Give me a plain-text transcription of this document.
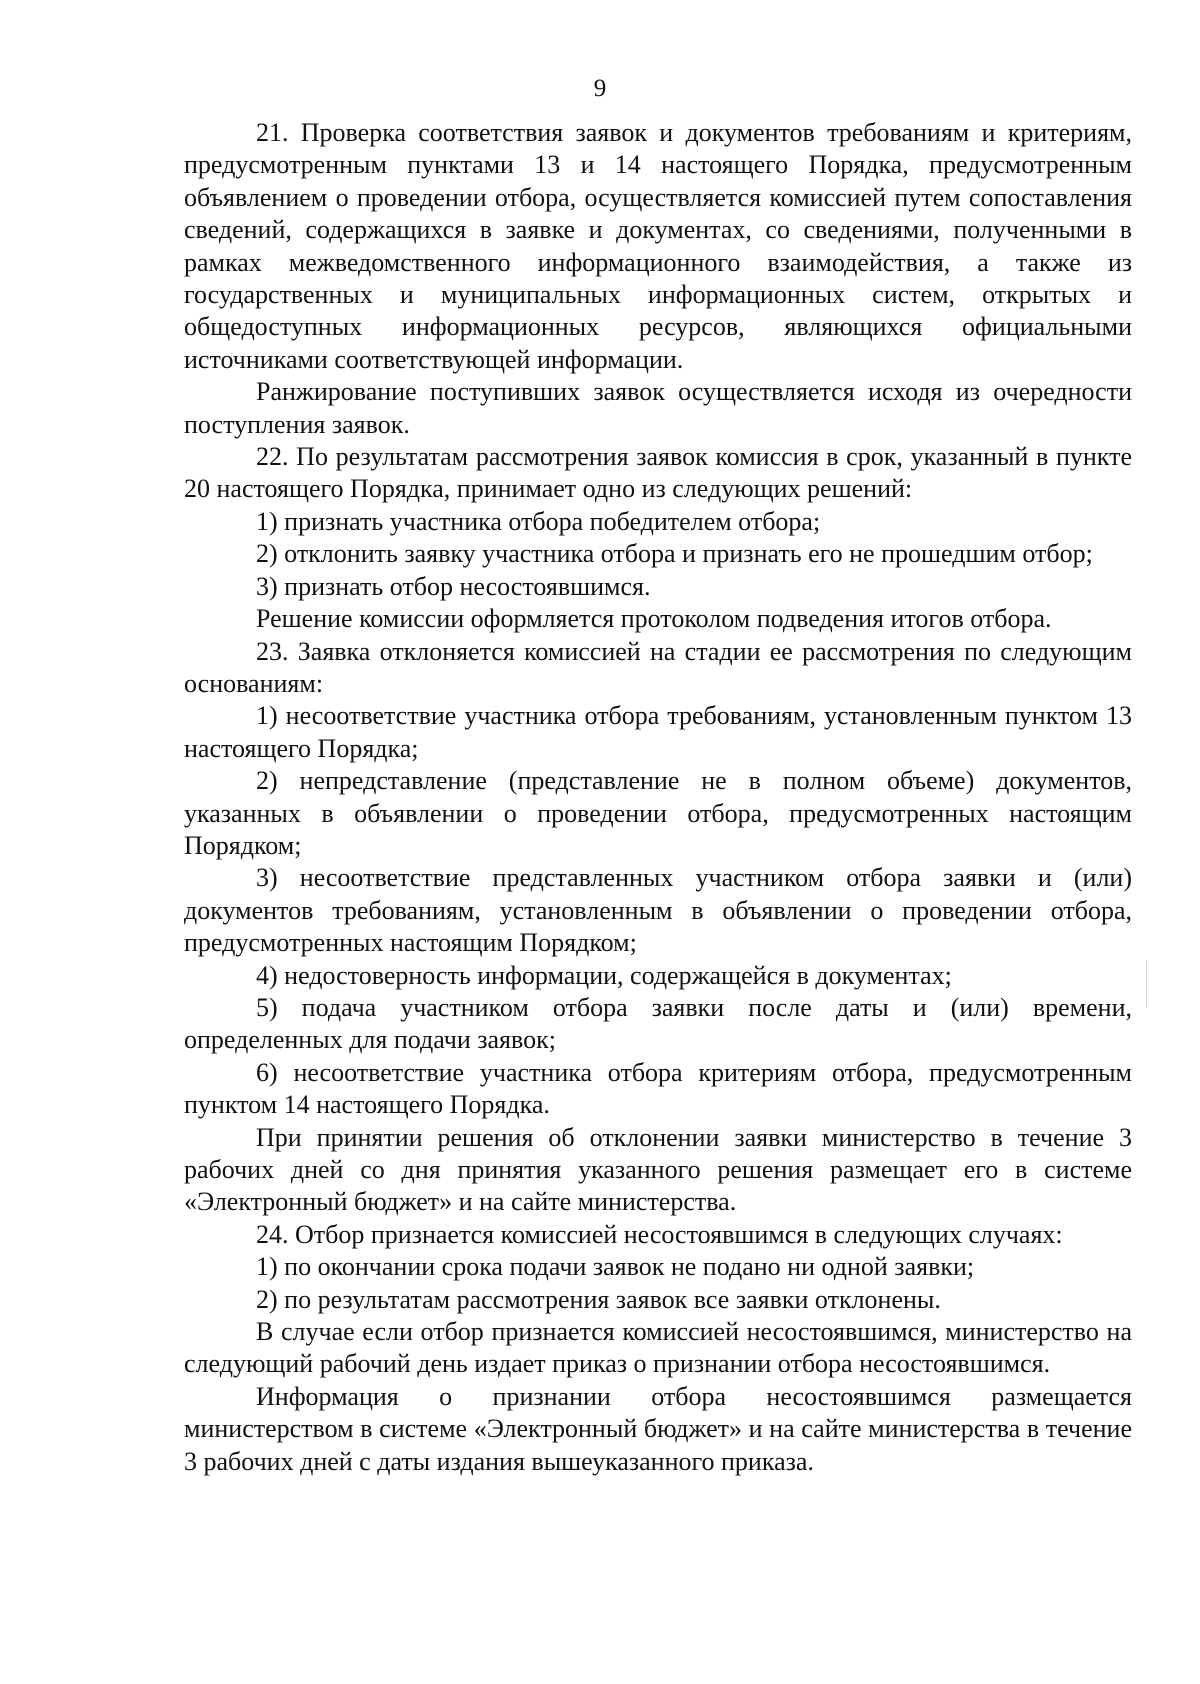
9

21. Проверка соответствия заявок и документов требованиям и критериям, предусмотренным пунктами 13 и 14 настоящего Порядка, предусмотренным объявлением о проведении отбора, осуществляется комиссией путем сопоставления сведений, содержащихся в заявке и документах, со сведениями, полученными в рамках межведомственного информационного взаимодействия, а также из государственных и муниципальных информационных систем, открытых и общедоступных информационных ресурсов, являющихся официальными источниками соответствующей информации.

Ранжирование поступивших заявок осуществляется исходя из очередности поступления заявок.

22. По результатам рассмотрения заявок комиссия в срок, указанный в пункте 20 настоящего Порядка, принимает одно из следующих решений:

1) признать участника отбора победителем отбора;

2) отклонить заявку участника отбора и признать его не прошедшим отбор;

3) признать отбор несостоявшимся.

Решение комиссии оформляется протоколом подведения итогов отбора.

23. Заявка отклоняется комиссией на стадии ее рассмотрения по следующим основаниям:

1) несоответствие участника отбора требованиям, установленным пунктом 13 настоящего Порядка;

2) непредставление (представление не в полном объеме) документов, указанных в объявлении о проведении отбора, предусмотренных настоящим Порядком;

3) несоответствие представленных участником отбора заявки и (или) документов требованиям, установленным в объявлении о проведении отбора, предусмотренных настоящим Порядком;

4) недостоверность информации, содержащейся в документах;

5) подача участником отбора заявки после даты и (или) времени, определенных для подачи заявок;

6) несоответствие участника отбора критериям отбора, предусмотренным пунктом 14 настоящего Порядка.

При принятии решения об отклонении заявки министерство в течение 3 рабочих дней со дня принятия указанного решения размещает его в системе «Электронный бюджет» и на сайте министерства.

24. Отбор признается комиссией несостоявшимся в следующих случаях:

1) по окончании срока подачи заявок не подано ни одной заявки;

2) по результатам рассмотрения заявок все заявки отклонены.

В случае если отбор признается комиссией несостоявшимся, министерство на следующий рабочий день издает приказ о признании отбора несостоявшимся.

Информация о признании отбора несостоявшимся размещается министерством в системе «Электронный бюджет» и на сайте министерства в течение 3 рабочих дней с даты издания вышеуказанного приказа.
